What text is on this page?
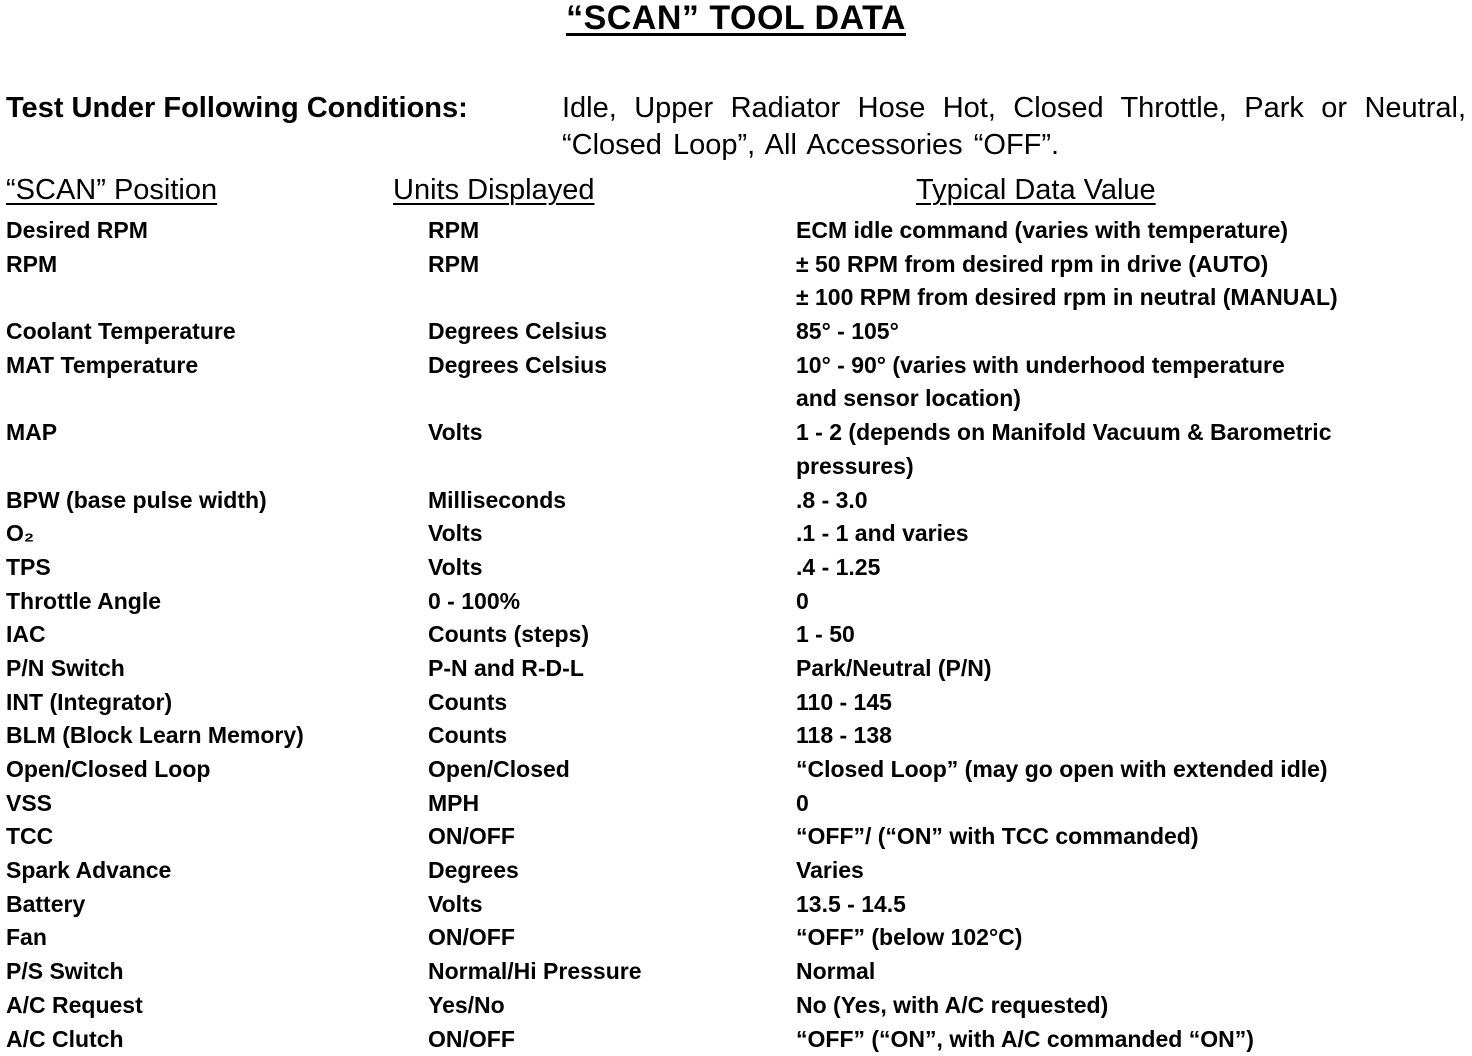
“SCAN” TOOL DATA
Test Under Following Conditions:	Idle, Upper Radiator Hose Hot, Closed Throttle, Park or Neutral, “Closed Loop”, All Accessories “OFF”.
“SCAN” Position	Units Displayed	Typical Data Value
Desired RPM	RPM	ECM idle command (varies with temperature)
RPM	RPM	± 50 RPM from desired rpm in drive (AUTO)
± 100 RPM from desired rpm in neutral (MANUAL)
Coolant Temperature	Degrees Celsius	85° - 105°
MAT Temperature	Degrees Celsius	10° - 90° (varies with underhood temperature
and sensor location)
MAP	Volts	1 - 2 (depends on Manifold Vacuum & Barometric
pressures)
BPW (base pulse width)	Milliseconds	.8 - 3.0
O₂	Volts	.1 - 1 and varies
TPS	Volts	.4 - 1.25
Throttle Angle	0 - 100%	0
IAC	Counts (steps)	1 - 50
P/N Switch	P-N and R-D-L	Park/Neutral (P/N)
INT (Integrator)	Counts	110 - 145
BLM (Block Learn Memory)	Counts	118 - 138
Open/Closed Loop	Open/Closed	“Closed Loop” (may go open with extended idle)
VSS	MPH	0
TCC	ON/OFF	“OFF”/ (“ON” with TCC commanded)
Spark Advance	Degrees	Varies
Battery	Volts	13.5 - 14.5
Fan	ON/OFF	“OFF” (below 102°C)
P/S Switch	Normal/Hi Pressure	Normal
A/C Request	Yes/No	No (Yes, with A/C requested)
A/C Clutch	ON/OFF	“OFF” (“ON”, with A/C commanded “ON”)
